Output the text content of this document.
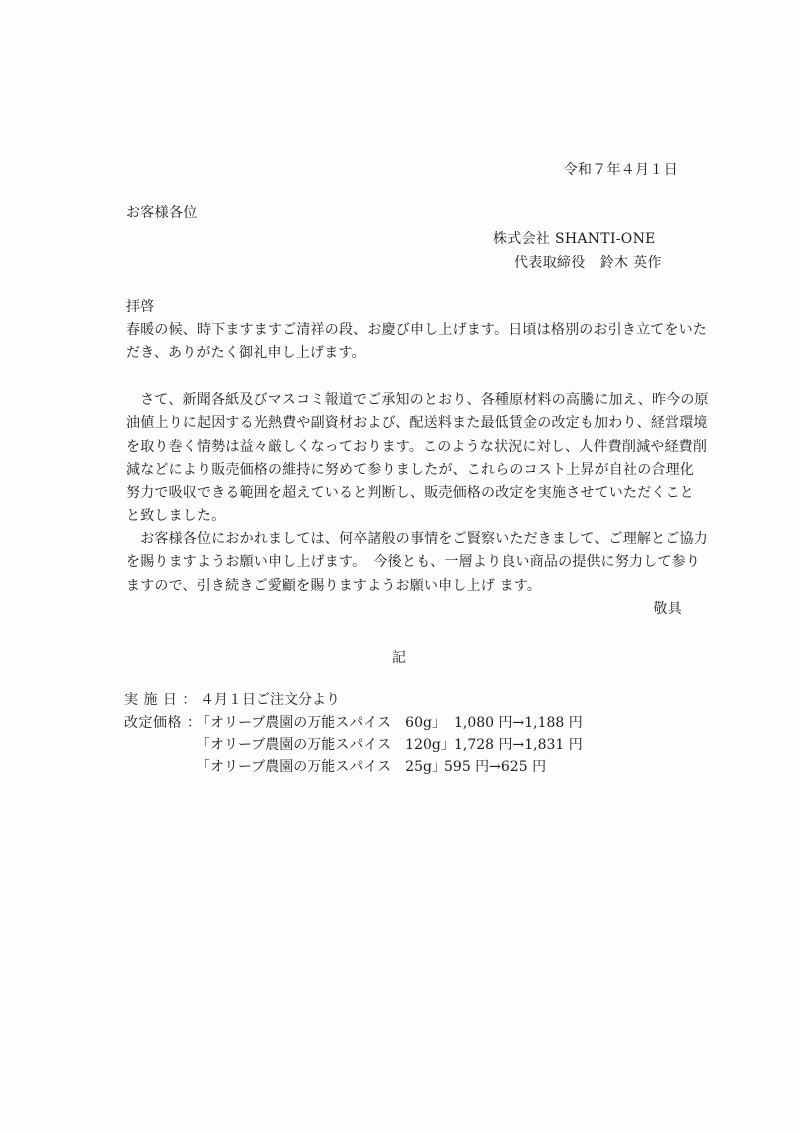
令和７年４月１日
お客様各位
株式会社 SHANTI-ONE
代表取締役　鈴木 英作
拝啓
春暖の候、時下ますますご清祥の段、お慶び申し上げます。日頃は格別のお引き立てをいた
だき、ありがたく御礼申し上げます。
　さて、新聞各紙及びマスコミ報道でご承知のとおり、各種原材料の高騰に加え、昨今の原
油値上りに起因する光熱費や副資材および、配送料また最低賃金の改定も加わり、経営環境
を取り巻く情勢は益々厳しくなっております。このような状況に対し、人件費削減や経費削
減などにより販売価格の維持に努めて参りましたが、これらのコスト上昇が自社の合理化
努力で吸収できる範囲を超えていると判断し、販売価格の改定を実施させていただくこと
と致しました。
　お客様各位におかれましては、何卒諸般の事情をご賢察いただきまして、ご理解とご協力
を賜りますようお願い申し上げます。　今後とも、一層より良い商品の提供に努力して参り
ますので、引き続きご愛顧を賜りますようお願い申し上げ ます。
敬具
記
実 施 日 ： ４月１日ご注文分より
改定価格 ：
「オリーブ農園の万能スパイス　60g」 1,080 円→1,188 円
「オリーブ農園の万能スパイス　120g」 1,728 円→1,831 円
「オリーブ農園の万能スパイス　25g」
595 円→625 円
